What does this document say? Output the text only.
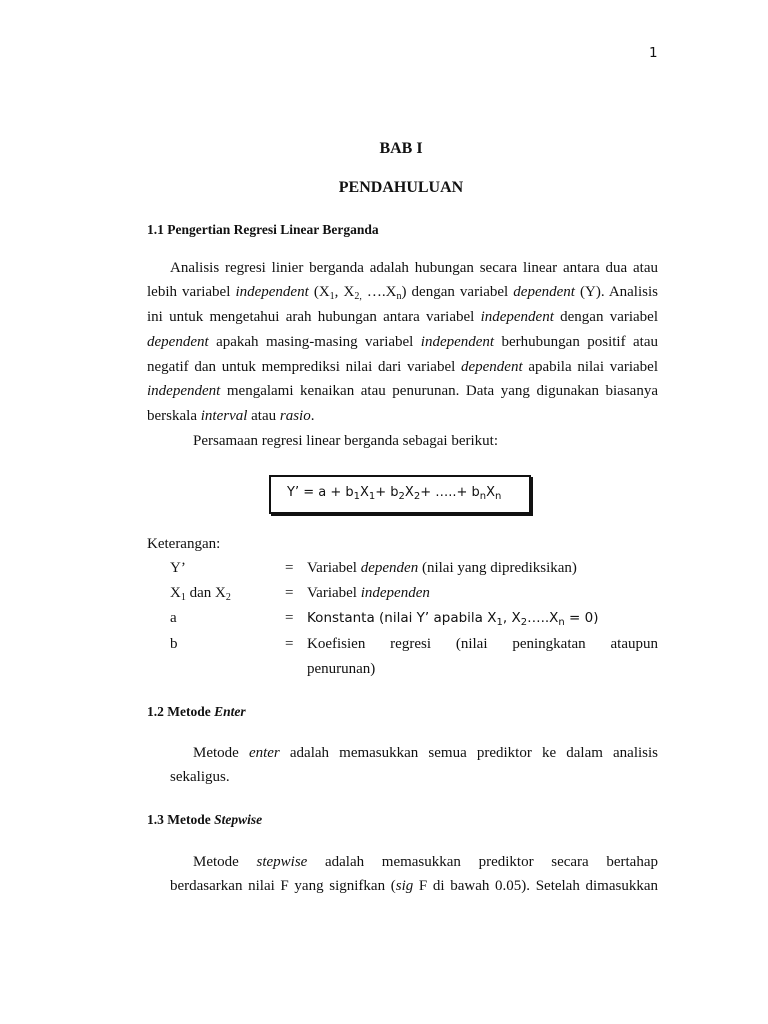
1
BAB I
PENDAHULUAN
1.1 Pengertian Regresi Linear Berganda
Analisis regresi linier berganda adalah hubungan secara linear antara dua atau
lebih variabel independent ($X_1$, $X_{2,}$ $\dots.X_n$) dengan variabel dependent (Y). Analisis
ini untuk mengetahui arah hubungan antara variabel independent dengan variabel
dependent apakah masing-masing variabel independent berhubungan positif atau
negatif dan untuk memprediksi nilai dari variabel dependent apabila nilai variabel
independent mengalami kenaikan atau penurunan. Data yang digunakan biasanya
berskala interval atau rasio.
Persamaan regresi linear berganda sebagai berikut:
Y’ = $a + b_1X_1+ b_2X_2+$ …..+ $b_nX_n$
Keterangan:
Y’	= Variabel dependen (nilai yang diprediksikan)
$X_1$ dan $X_2$	= Variabel independen
a	= Konstanta (nilai Y’ apabila $X_1$, $X_2\dots..X_n = 0$)
b	= Koefisien regresi (nilai peningkatan ataupun
penurunan)
1.2 Metode Enter
Metode enter adalah memasukkan semua prediktor ke dalam analisis
sekaligus.
1.3 Metode Stepwise
Metode stepwise adalah memasukkan prediktor secara bertahap
berdasarkan nilai F yang signifkan (sig F di bawah 0.05). Setelah dimasukkan
